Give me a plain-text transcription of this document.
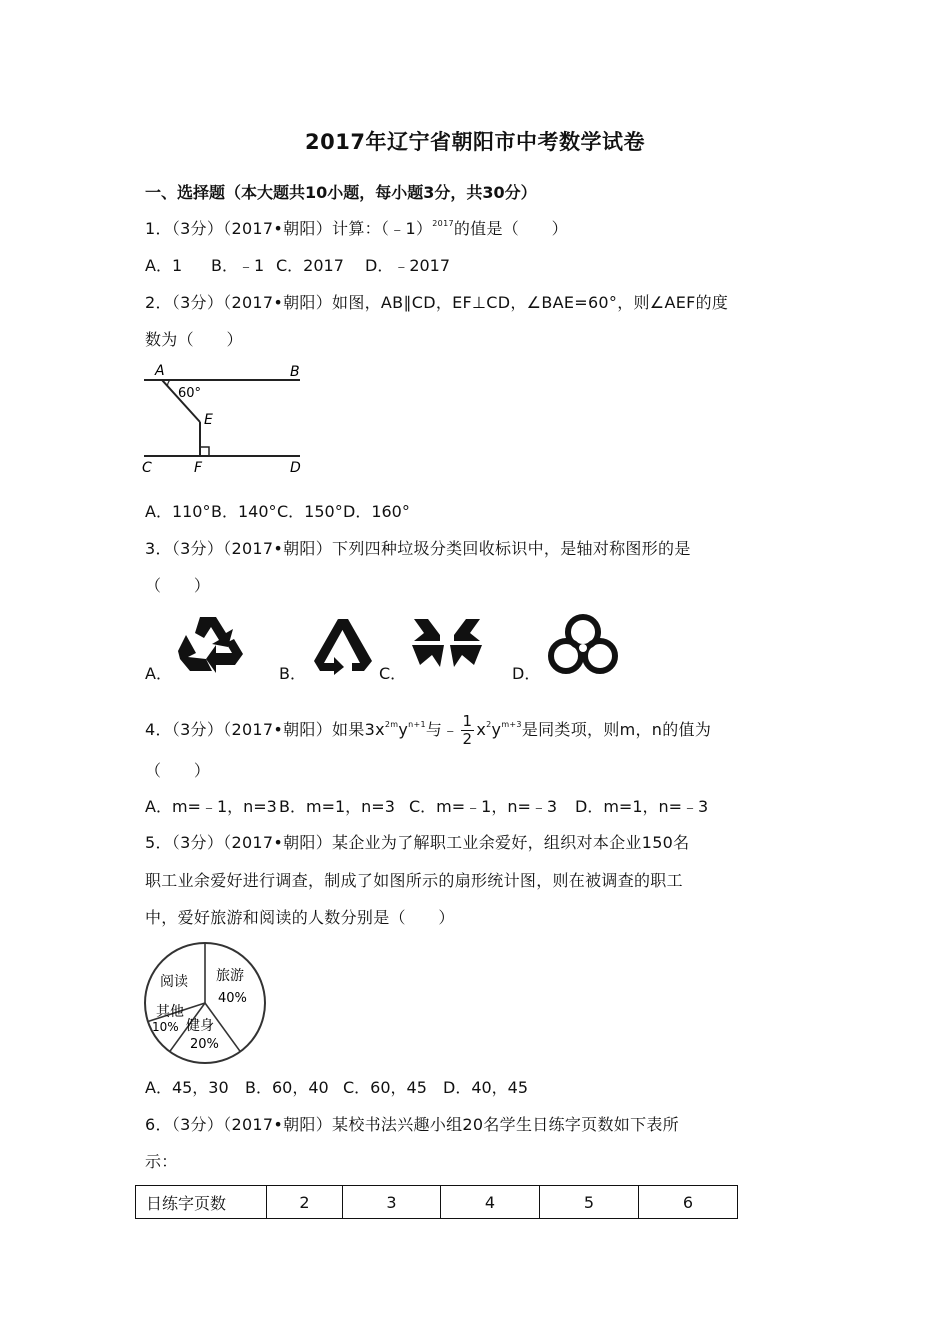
2017年辽宁省朝阳市中考数学试卷
一、选择题（本大题共10小题，每小题3分，共30分）
1．（3分）（2017•朝阳）计算：（﹣1）$^{2017}$的值是（　　）
A．1 B．﹣1 C．2017 D．﹣2017
2．（3分）（2017•朝阳）如图，AB∥CD，EF⊥CD，∠BAE=60°，则∠AEF的度
数为（　　）
A	B
C	D
E
F
60°
A．110°B．140°C．150°D．160°
3．（3分）（2017•朝阳）下列四种垃圾分类回收标识中，是轴对称图形的是
（　　）
A．	B．	C．	D．
4．（3分）（2017•朝阳）如果$3x^{2m}y^{n+1}$与﹣ $\frac{1}{2} x^2y^{m+3}$是同类项，则m，n的值为
（　　）
A．m=﹣1，n=3 B．m=1，n=3 C．m=﹣1，n=﹣3 D．m=1，n=﹣3
5．（3分）（2017•朝阳）某企业为了解职工业余爱好，组织对本企业150名
职工业余爱好进行调查，制成了如图所示的扇形统计图，则在被调查的职工
中，爱好旅游和阅读的人数分别是（　　）
阅读 旅游
40%
其他
10% 健身
20%
A．45，30 B．60，40 C．60，45 D．40，45
6．（3分）（2017•朝阳）某校书法兴趣小组20名学生日练字页数如下表所
示：
日练字页数	2	3	4	5	6
